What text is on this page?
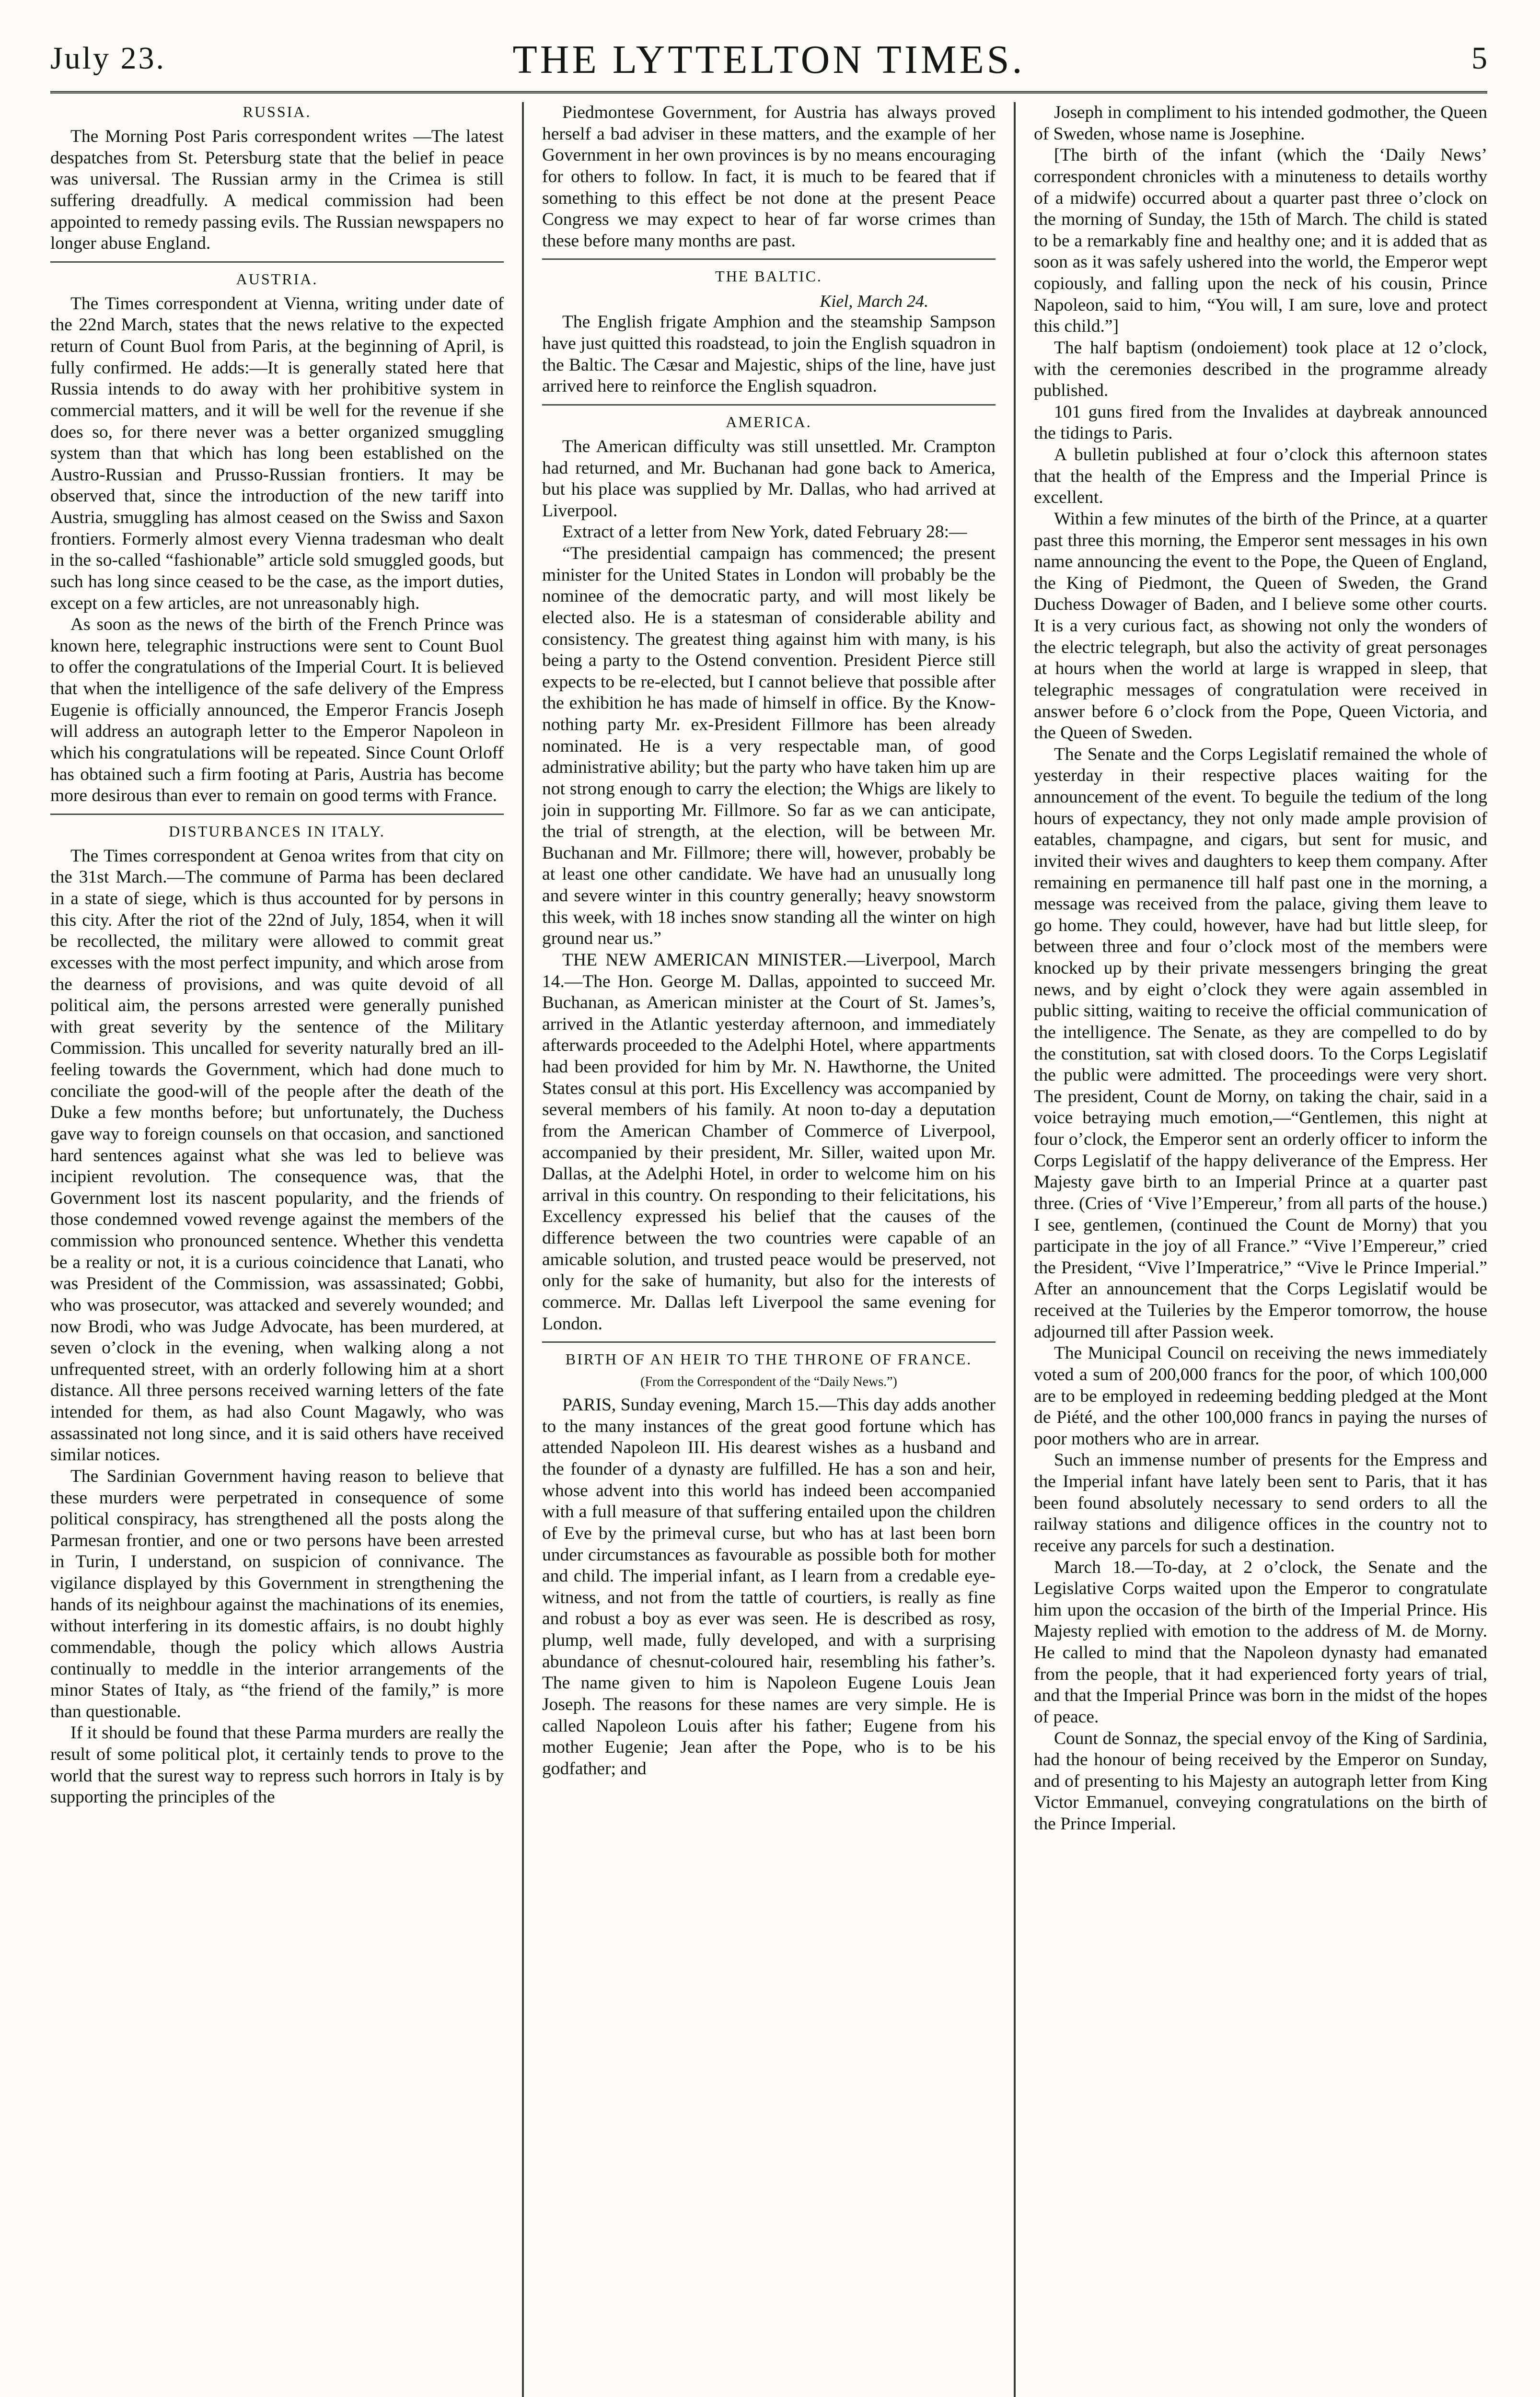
July 23.	THE LYTTELTON TIMES.	5
RUSSIA.

The Morning Post Paris correspondent writes —The latest despatches from St. Petersburg state that the belief in peace was universal. The Russian army in the Crimea is still suffering dreadfully. A medical commission had been appointed to remedy passing evils. The Russian newspapers no longer abuse England.

AUSTRIA.

The Times correspondent at Vienna, writing under date of the 22nd March, states that the news relative to the expected return of Count Buol from Paris, at the beginning of April, is fully confirmed. He adds:—It is generally stated here that Russia intends to do away with her prohibitive system in commercial matters, and it will be well for the revenue if she does so, for there never was a better organized smuggling system than that which has long been established on the Austro-Russian and Prusso-Russian frontiers. It may be observed that, since the introduction of the new tariff into Austria, smuggling has almost ceased on the Swiss and Saxon frontiers. Formerly almost every Vienna tradesman who dealt in the so-called “fashionable” article sold smuggled goods, but such has long since ceased to be the case, as the import duties, except on a few articles, are not unreasonably high.

As soon as the news of the birth of the French Prince was known here, telegraphic instructions were sent to Count Buol to offer the congratulations of the Imperial Court. It is believed that when the intelligence of the safe delivery of the Empress Eugenie is officially announced, the Emperor Francis Joseph will address an autograph letter to the Emperor Napoleon in which his congratulations will be repeated. Since Count Orloff has obtained such a firm footing at Paris, Austria has become more desirous than ever to remain on good terms with France.

DISTURBANCES IN ITALY.

The Times correspondent at Genoa writes from that city on the 31st March.—The commune of Parma has been declared in a state of siege, which is thus accounted for by persons in this city. After the riot of the 22nd of July, 1854, when it will be recollected, the military were allowed to commit great excesses with the most perfect impunity, and which arose from the dearness of provisions, and was quite devoid of all political aim, the persons arrested were generally punished with great severity by the sentence of the Military Commission. This uncalled for severity naturally bred an ill-feeling towards the Government, which had done much to conciliate the good-will of the people after the death of the Duke a few months before; but unfortunately, the Duchess gave way to foreign counsels on that occasion, and sanctioned hard sentences against what she was led to believe was incipient revolution. The consequence was, that the Government lost its nascent popularity, and the friends of those condemned vowed revenge against the members of the commission who pronounced sentence. Whether this vendetta be a reality or not, it is a curious coincidence that Lanati, who was President of the Commission, was assassinated; Gobbi, who was prosecutor, was attacked and severely wounded; and now Brodi, who was Judge Advocate, has been murdered, at seven o’clock in the evening, when walking along a not unfrequented street, with an orderly following him at a short distance. All three persons received warning letters of the fate intended for them, as had also Count Magawly, who was assassinated not long since, and it is said others have received similar notices.

The Sardinian Government having reason to believe that these murders were perpetrated in consequence of some political conspiracy, has strengthened all the posts along the Parmesan frontier, and one or two persons have been arrested in Turin, I understand, on suspicion of connivance. The vigilance displayed by this Government in strengthening the hands of its neighbour against the machinations of its enemies, without interfering in its domestic affairs, is no doubt highly commendable, though the policy which allows Austria continually to meddle in the interior arrangements of the minor States of Italy, as “the friend of the family,” is more than questionable.

If it should be found that these Parma murders are really the result of some political plot, it certainly tends to prove to the world that the surest way to repress such horrors in Italy is by supporting the principles of the

Piedmontese Government, for Austria has always proved herself a bad adviser in these matters, and the example of her Government in her own provinces is by no means encouraging for others to follow. In fact, it is much to be feared that if something to this effect be not done at the present Peace Congress we may expect to hear of far worse crimes than these before many months are past.

THE BALTIC.
Kiel, March 24.

The English frigate Amphion and the steamship Sampson have just quitted this roadstead, to join the English squadron in the Baltic. The Cæsar and Majestic, ships of the line, have just arrived here to reinforce the English squadron.

AMERICA.

The American difficulty was still unsettled. Mr. Crampton had returned, and Mr. Buchanan had gone back to America, but his place was supplied by Mr. Dallas, who had arrived at Liverpool.

Extract of a letter from New York, dated February 28:—

“The presidential campaign has commenced; the present minister for the United States in London will probably be the nominee of the democratic party, and will most likely be elected also. He is a statesman of considerable ability and consistency. The greatest thing against him with many, is his being a party to the Ostend convention. President Pierce still expects to be re-elected, but I cannot believe that possible after the exhibition he has made of himself in office. By the Know-nothing party Mr. ex-President Fillmore has been already nominated. He is a very respectable man, of good administrative ability; but the party who have taken him up are not strong enough to carry the election; the Whigs are likely to join in supporting Mr. Fillmore. So far as we can anticipate, the trial of strength, at the election, will be between Mr. Buchanan and Mr. Fillmore; there will, however, probably be at least one other candidate. We have had an unusually long and severe winter in this country generally; heavy snowstorm this week, with 18 inches snow standing all the winter on high ground near us.”

THE NEW AMERICAN MINISTER.—Liverpool, March 14.—The Hon. George M. Dallas, appointed to succeed Mr. Buchanan, as American minister at the Court of St. James’s, arrived in the Atlantic yesterday afternoon, and immediately afterwards proceeded to the Adelphi Hotel, where appartments had been provided for him by Mr. N. Hawthorne, the United States consul at this port. His Excellency was accompanied by several members of his family. At noon to-day a deputation from the American Chamber of Commerce of Liverpool, accompanied by their president, Mr. Siller, waited upon Mr. Dallas, at the Adelphi Hotel, in order to welcome him on his arrival in this country. On responding to their felicitations, his Excellency expressed his belief that the causes of the difference between the two countries were capable of an amicable solution, and trusted peace would be preserved, not only for the sake of humanity, but also for the interests of commerce. Mr. Dallas left Liverpool the same evening for London.

BIRTH OF AN HEIR TO THE THRONE OF FRANCE.
(From the Correspondent of the “Daily News.”)

PARIS, Sunday evening, March 15.—This day adds another to the many instances of the great good fortune which has attended Napoleon III. His dearest wishes as a husband and the founder of a dynasty are fulfilled. He has a son and heir, whose advent into this world has indeed been accompanied with a full measure of that suffering entailed upon the children of Eve by the primeval curse, but who has at last been born under circumstances as favourable as possible both for mother and child. The imperial infant, as I learn from a credable eye-witness, and not from the tattle of courtiers, is really as fine and robust a boy as ever was seen. He is described as rosy, plump, well made, fully developed, and with a surprising abundance of chesnut-coloured hair, resembling his father’s. The name given to him is Napoleon Eugene Louis Jean Joseph. The reasons for these names are very simple. He is called Napoleon Louis after his father; Eugene from his mother Eugenie; Jean after the Pope, who is to be his godfather; and

Joseph in compliment to his intended godmother, the Queen of Sweden, whose name is Josephine.

[The birth of the infant (which the ‘Daily News’ correspondent chronicles with a minuteness to details worthy of a midwife) occurred about a quarter past three o’clock on the morning of Sunday, the 15th of March. The child is stated to be a remarkably fine and healthy one; and it is added that as soon as it was safely ushered into the world, the Emperor wept copiously, and falling upon the neck of his cousin, Prince Napoleon, said to him, “You will, I am sure, love and protect this child.”]

The half baptism (ondoiement) took place at 12 o’clock, with the ceremonies described in the programme already published.

101 guns fired from the Invalides at daybreak announced the tidings to Paris.

A bulletin published at four o’clock this afternoon states that the health of the Empress and the Imperial Prince is excellent.

Within a few minutes of the birth of the Prince, at a quarter past three this morning, the Emperor sent messages in his own name announcing the event to the Pope, the Queen of England, the King of Piedmont, the Queen of Sweden, the Grand Duchess Dowager of Baden, and I believe some other courts. It is a very curious fact, as showing not only the wonders of the electric telegraph, but also the activity of great personages at hours when the world at large is wrapped in sleep, that telegraphic messages of congratulation were received in answer before 6 o’clock from the Pope, Queen Victoria, and the Queen of Sweden.

The Senate and the Corps Legislatif remained the whole of yesterday in their respective places waiting for the announcement of the event. To beguile the tedium of the long hours of expectancy, they not only made ample provision of eatables, champagne, and cigars, but sent for music, and invited their wives and daughters to keep them company. After remaining en permanence till half past one in the morning, a message was received from the palace, giving them leave to go home. They could, however, have had but little sleep, for between three and four o’clock most of the members were knocked up by their private messengers bringing the great news, and by eight o’clock they were again assembled in public sitting, waiting to receive the official communication of the intelligence. The Senate, as they are compelled to do by the constitution, sat with closed doors. To the Corps Legislatif the public were admitted. The proceedings were very short. The president, Count de Morny, on taking the chair, said in a voice betraying much emotion,—“Gentlemen, this night at four o’clock, the Emperor sent an orderly officer to inform the Corps Legislatif of the happy deliverance of the Empress. Her Majesty gave birth to an Imperial Prince at a quarter past three. (Cries of ‘Vive l’Empereur,’ from all parts of the house.) I see, gentlemen, (continued the Count de Morny) that you participate in the joy of all France.” “Vive l’Empereur,” cried the President, “Vive l’Imperatrice,” “Vive le Prince Imperial.” After an announcement that the Corps Legislatif would be received at the Tuileries by the Emperor tomorrow, the house adjourned till after Passion week.

The Municipal Council on receiving the news immediately voted a sum of 200,000 francs for the poor, of which 100,000 are to be employed in redeeming bedding pledged at the Mont de Piété, and the other 100,000 francs in paying the nurses of poor mothers who are in arrear.

Such an immense number of presents for the Empress and the Imperial infant have lately been sent to Paris, that it has been found absolutely necessary to send orders to all the railway stations and diligence offices in the country not to receive any parcels for such a destination.

March 18.—To-day, at 2 o’clock, the Senate and the Legislative Corps waited upon the Emperor to congratulate him upon the occasion of the birth of the Imperial Prince. His Majesty replied with emotion to the address of M. de Morny. He called to mind that the Napoleon dynasty had emanated from the people, that it had experienced forty years of trial, and that the Imperial Prince was born in the midst of the hopes of peace.

Count de Sonnaz, the special envoy of the King of Sardinia, had the honour of being received by the Emperor on Sunday, and of presenting to his Majesty an autograph letter from King Victor Emmanuel, conveying congratulations on the birth of the Prince Imperial.
